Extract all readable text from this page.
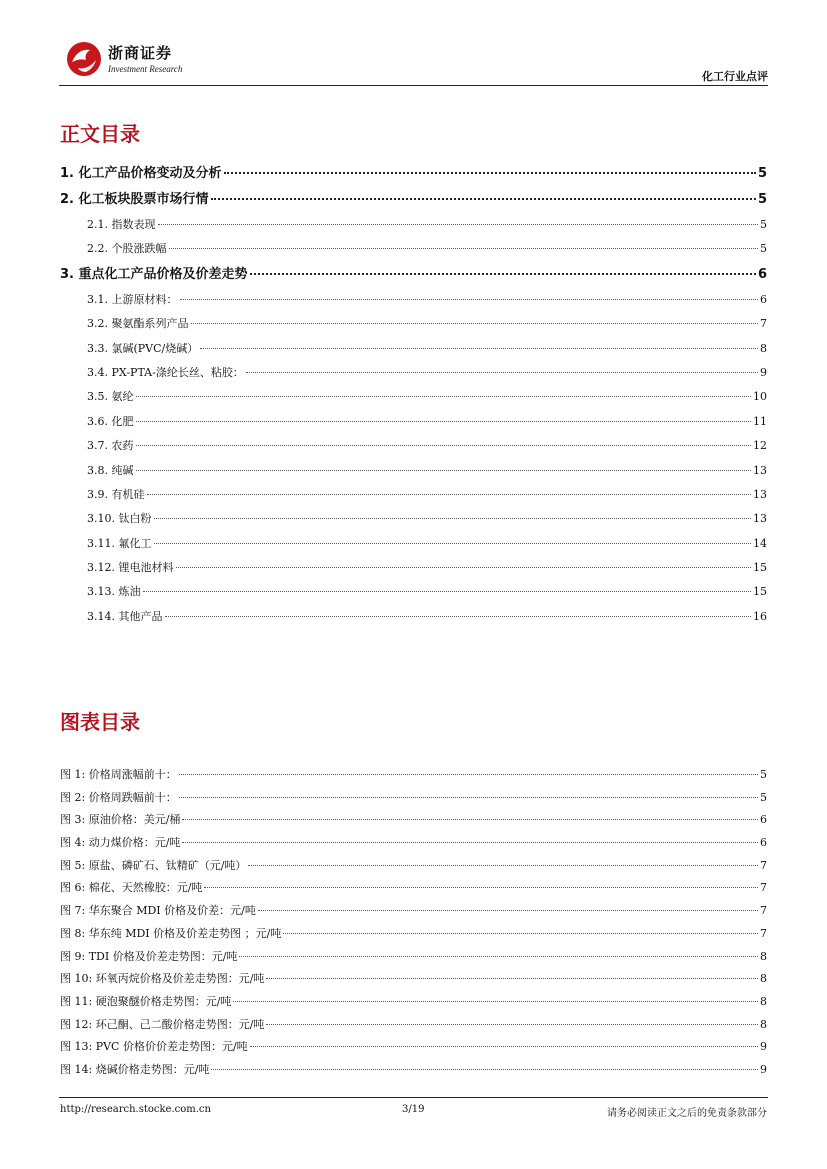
浙商证券
Investment Research
化工行业点评
正文目录
1. 化工产品价格变动及分析	5
2. 化工板块股票市场行情	5
2.1. 指数表现	5
2.2. 个股涨跌幅	5
3. 重点化工产品价格及价差走势	6
3.1. 上游原材料：	6
3.2. 聚氨酯系列产品	7
3.3. 氯碱(PVC/烧碱）	8
3.4. PX-PTA-涤纶长丝、粘胶：	9
3.5. 氨纶	10
3.6. 化肥	11
3.7. 农药	12
3.8. 纯碱	13
3.9. 有机硅	13
3.10. 钛白粉	13
3.11. 氟化工	14
3.12. 锂电池材料	15
3.13. 炼油	15
3.14. 其他产品	16
图表目录
图 1: 价格周涨幅前十：	5
图 2: 价格周跌幅前十：	5
图 3: 原油价格：美元/桶	6
图 4: 动力煤价格：元/吨	6
图 5: 原盐、磷矿石、钛精矿（元/吨）	7
图 6: 棉花、天然橡胶：元/吨	7
图 7: 华东聚合 MDI 价格及价差：元/吨	7
图 8: 华东纯 MDI 价格及价差走势图 ；元/吨	7
图 9: TDI 价格及价差走势图：元/吨	8
图 10: 环氧丙烷价格及价差走势图：元/吨	8
图 11: 硬泡聚醚价格走势图：元/吨	8
图 12: 环己酮、己二酸价格走势图：元/吨	8
图 13: PVC 价格价价差走势图：元/吨	9
图 14: 烧碱价格走势图：元/吨	9
http://research.stocke.com.cn	3/19	请务必阅读正文之后的免责条款部分
